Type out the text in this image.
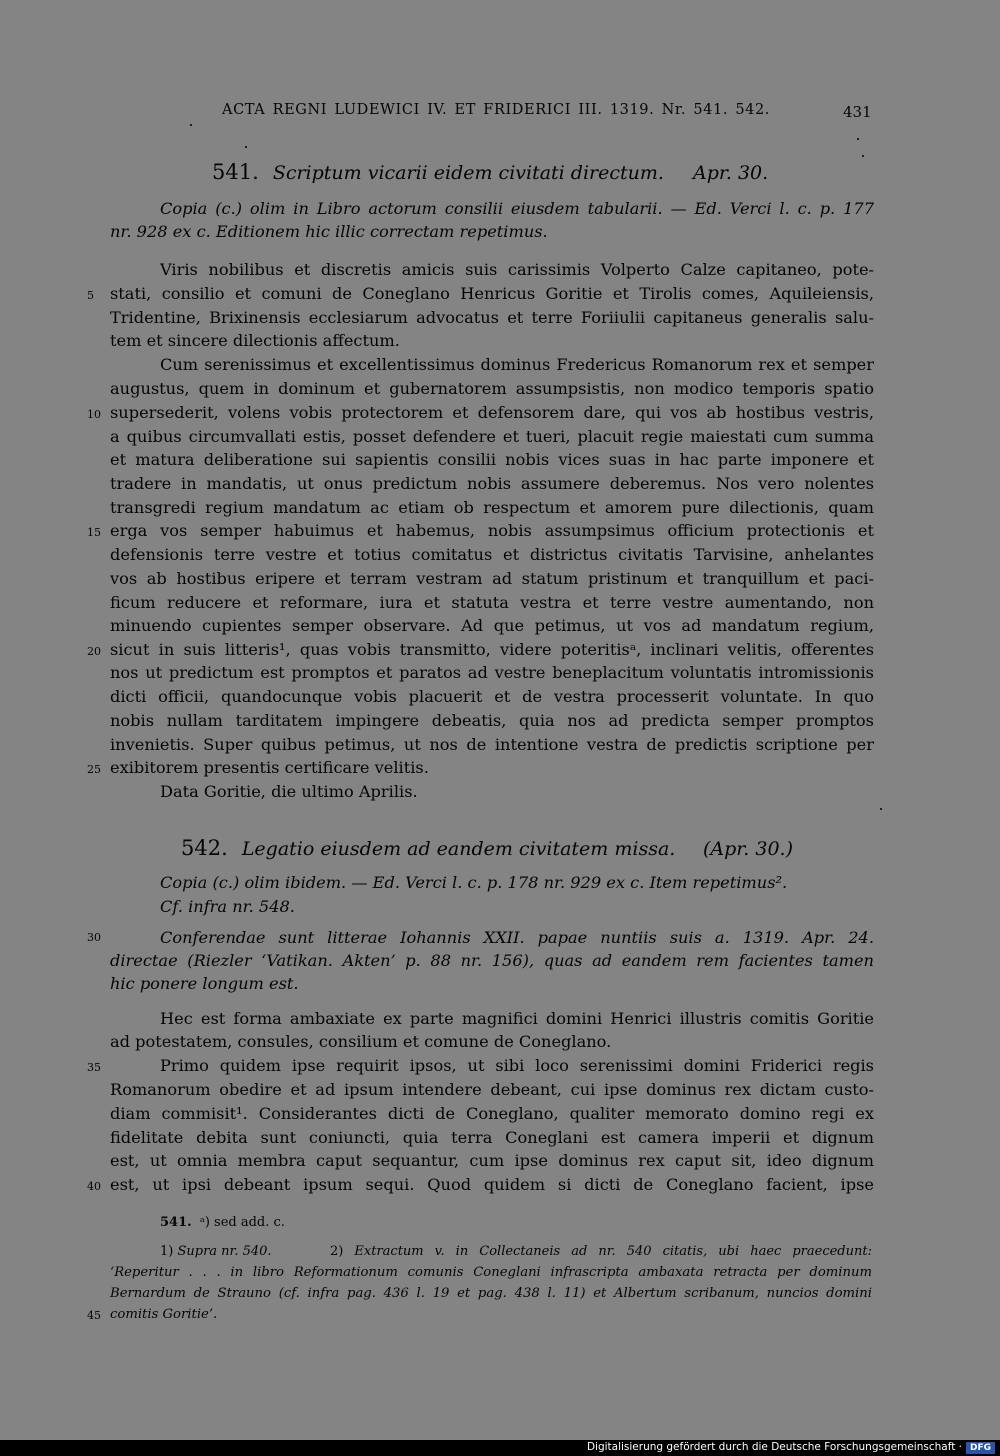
ACTA REGNI LUDEWICI IV. ET FRIDERICI III. 1319. Nr. 541. 542.	431
541. Scriptum vicarii eidem civitati directum. Apr. 30.
Copia (c.) olim in Libro actorum consilii eiusdem tabularii. — Ed. Verci l. c. p. 177
nr. 928 ex c. Editionem hic illic correctam repetimus.
Viris nobilibus et discretis amicis suis carissimis Volperto Calze capitaneo, pote-
stati, consilio et comuni de Coneglano Henricus Goritie et Tirolis comes, Aquileiensis,
Tridentine, Brixinensis ecclesiarum advocatus et terre Foriiulii capitaneus generalis salu-
tem et sincere dilectionis affectum.
Cum serenissimus et excellentissimus dominus Fredericus Romanorum rex et semper
augustus, quem in dominum et gubernatorem assumpsistis, non modico temporis spatio
supersederit, volens vobis protectorem et defensorem dare, qui vos ab hostibus vestris,
a quibus circumvallati estis, posset defendere et tueri, placuit regie maiestati cum summa
et matura deliberatione sui sapientis consilii nobis vices suas in hac parte imponere et
tradere in mandatis, ut onus predictum nobis assumere deberemus. Nos vero nolentes
transgredi regium mandatum ac etiam ob respectum et amorem pure dilectionis, quam
erga vos semper habuimus et habemus, nobis assumpsimus officium protectionis et
defensionis terre vestre et totius comitatus et districtus civitatis Tarvisine, anhelantes
vos ab hostibus eripere et terram vestram ad statum pristinum et tranquillum et paci-
ficum reducere et reformare, iura et statuta vestra et terre vestre aumentando, non
minuendo cupientes semper observare. Ad que petimus, ut vos ad mandatum regium,
sicut in suis litteris¹, quas vobis transmitto, videre poteritisᵃ, inclinari velitis, offerentes
nos ut predictum est promptos et paratos ad vestre beneplacitum voluntatis intromissionis
dicti officii, quandocunque vobis placuerit et de vestra processerit voluntate. In quo
nobis nullam tarditatem impingere debeatis, quia nos ad predicta semper promptos
invenietis. Super quibus petimus, ut nos de intentione vestra de predictis scriptione per
exibitorem presentis certificare velitis.
Data Goritie, die ultimo Aprilis.
542. Legatio eiusdem ad eandem civitatem missa. (Apr. 30.)
Copia (c.) olim ibidem. — Ed. Verci l. c. p. 178 nr. 929 ex c. Item repetimus².
Cf. infra nr. 548.
Conferendae sunt litterae Iohannis XXII. papae nuntiis suis a. 1319. Apr. 24.
directae (Riezler ‘Vatikan. Akten’ p. 88 nr. 156), quas ad eandem rem facientes tamen
hic ponere longum est.
Hec est forma ambaxiate ex parte magnifici domini Henrici illustris comitis Goritie
ad potestatem, consules, consilium et comune de Coneglano.
Primo quidem ipse requirit ipsos, ut sibi loco serenissimi domini Friderici regis
Romanorum obedire et ad ipsum intendere debeant, cui ipse dominus rex dictam custo-
diam commisit¹. Considerantes dicti de Coneglano, qualiter memorato domino regi ex
fidelitate debita sunt coniuncti, quia terra Coneglani est camera imperii et dignum
est, ut omnia membra caput sequantur, cum ipse dominus rex caput sit, ideo dignum
est, ut ipsi debeant ipsum sequi. Quod quidem si dicti de Coneglano facient, ipse
5
10
15
20
25
30
35
40
45
541. ᵃ) sed add. c.
1) Supra nr. 540.	2) Extractum v. in Collectaneis ad nr. 540 citatis, ubi haec praecedunt:
‘Reperitur . . . in libro Reformationum comunis Coneglani infrascripta ambaxata retracta per dominum
Bernardum de Strauno (cf. infra pag. 436 l. 19 et pag. 438 l. 11) et Albertum scribanum, nuncios domini
comitis Goritie’.
Digitalisierung gefördert durch die Deutsche Forschungsgemeinschaft · DFG
